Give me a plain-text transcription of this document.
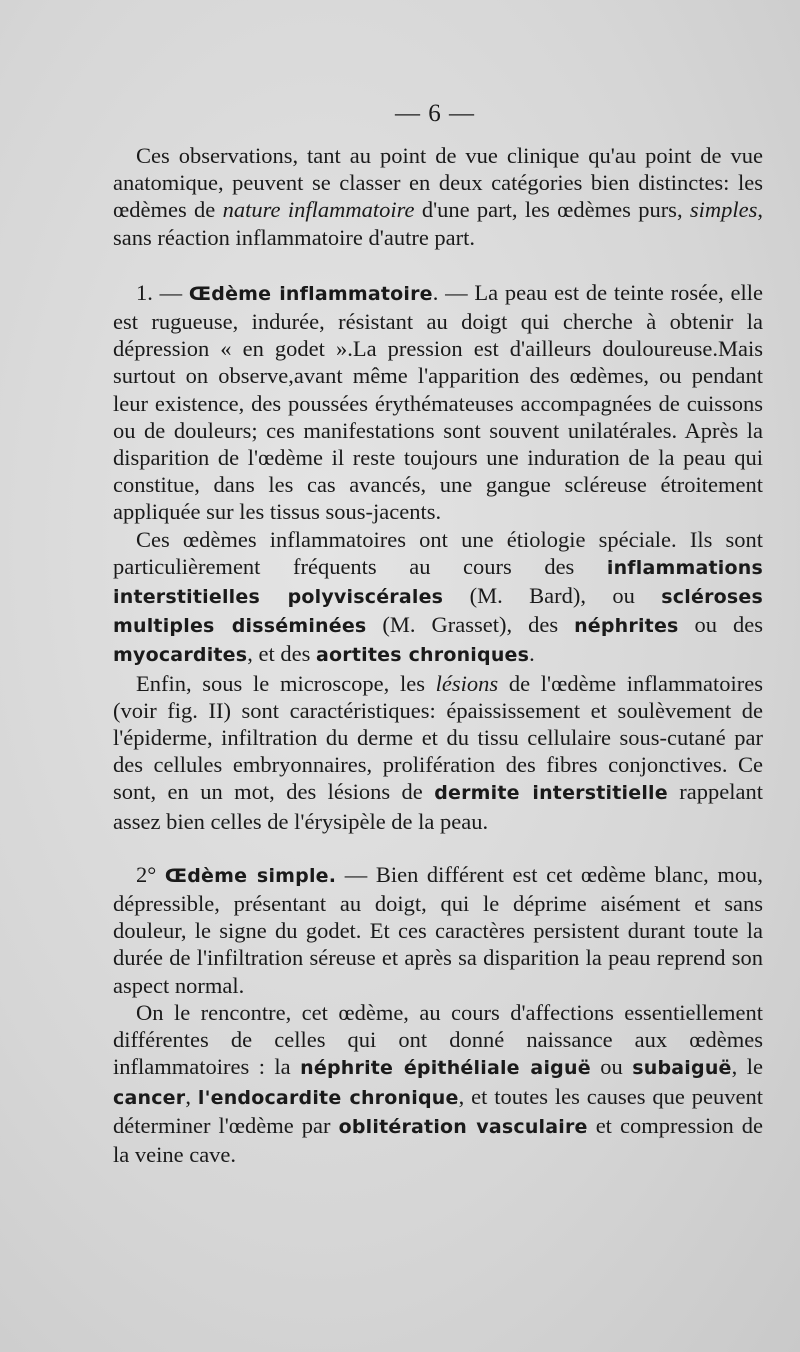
— 6 —

Ces observations, tant au point de vue clinique qu'au point de vue anatomique, peuvent se classer en deux catégories bien distinctes: les œdèmes de nature inflammatoire d'une part, les œdèmes purs, simples, sans réaction inflammatoire d'autre part.

1. — Œdème inflammatoire. — La peau est de teinte rosée, elle est rugueuse, indurée, résistant au doigt qui cherche à obtenir la dépression « en godet ».La pression est d'ailleurs douloureuse.Mais surtout on observe,avant même l'apparition des œdèmes, ou pendant leur existence, des poussées érythémateuses accompagnées de cuissons ou de douleurs; ces manifestations sont souvent unilatérales. Après la disparition de l'œdème il reste toujours une induration de la peau qui constitue, dans les cas avancés, une gangue scléreuse étroitement appliquée sur les tissus sous-jacents.

Ces œdèmes inflammatoires ont une étiologie spéciale. Ils sont particulièrement fréquents au cours des inflammations interstitielles polyviscérales (M. Bard), ou scléroses multiples disséminées (M. Grasset), des néphrites ou des myocardites, et des aortites chroniques.

Enfin, sous le microscope, les lésions de l'œdème inflammatoires (voir fig. II) sont caractéristiques: épaississement et soulèvement de l'épiderme, infiltration du derme et du tissu cellulaire sous-cutané par des cellules embryonnaires, prolifération des fibres conjonctives. Ce sont, en un mot, des lésions de dermite interstitielle rappelant assez bien celles de l'érysipèle de la peau.

2° Œdème simple. — Bien différent est cet œdème blanc, mou, dépressible, présentant au doigt, qui le déprime aisément et sans douleur, le signe du godet. Et ces caractères persistent durant toute la durée de l'infiltration séreuse et après sa disparition la peau reprend son aspect normal.

On le rencontre, cet œdème, au cours d'affections essentiellement différentes de celles qui ont donné naissance aux œdèmes inflammatoires : la néphrite épithéliale aiguë ou subaiguë, le cancer, l'endocardite chronique, et toutes les causes que peuvent déterminer l'œdème par oblitération vasculaire et compression de la veine cave.
